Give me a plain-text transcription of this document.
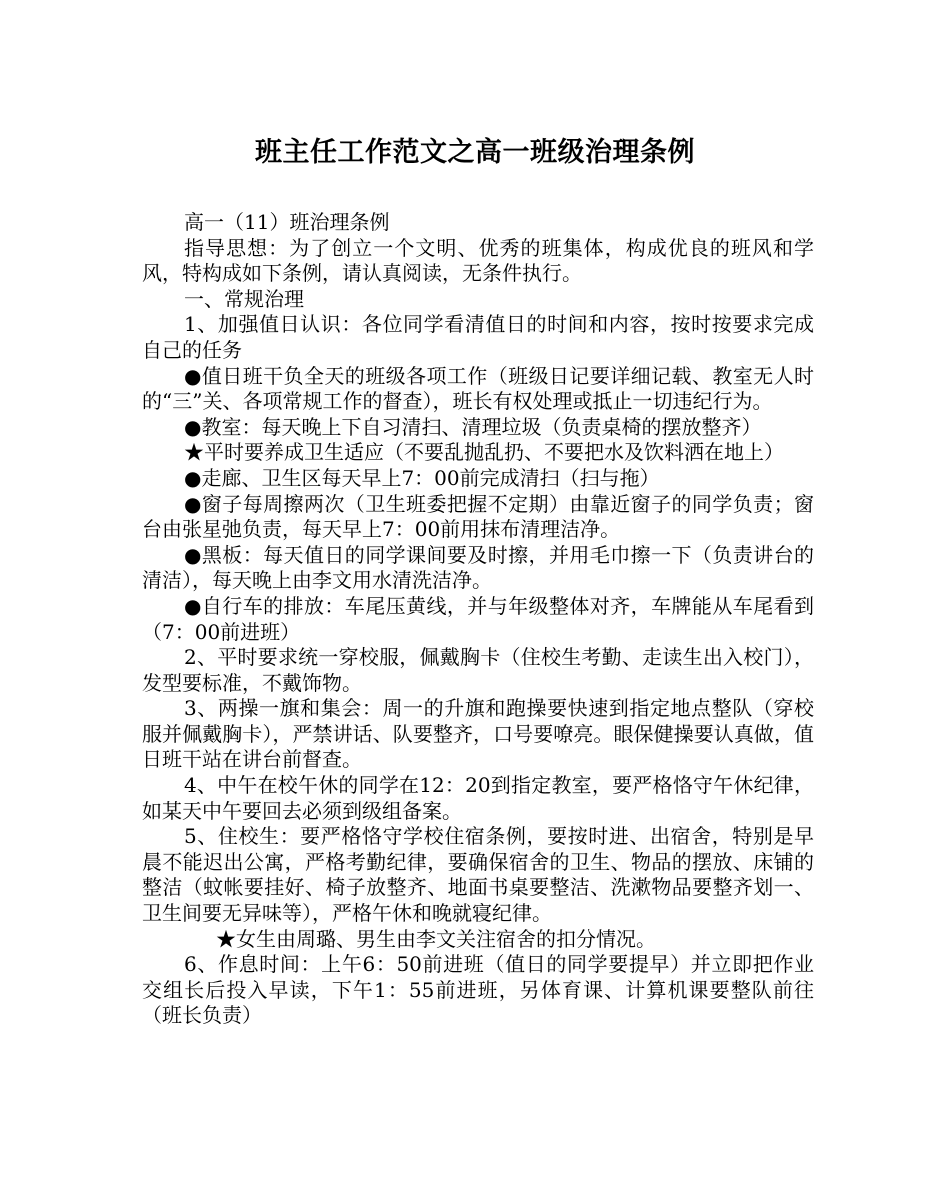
班主任工作范文之高一班级治理条例

高一（11）班治理条例

指导思想：为了创立一个文明、优秀的班集体，构成优良的班风和学风，特构成如下条例，请认真阅读，无条件执行。

一、常规治理

1、加强值日认识：各位同学看清值日的时间和内容，按时按要求完成自己的任务

●值日班干负全天的班级各项工作（班级日记要详细记载、教室无人时的“三”关、各项常规工作的督查），班长有权处理或抵止一切违纪行为。

●教室：每天晚上下自习清扫、清理垃圾（负责桌椅的摆放整齐）

★平时要养成卫生适应（不要乱抛乱扔、不要把水及饮料洒在地上）

●走廊、卫生区每天早上7：00前完成清扫（扫与拖）

●窗子每周擦两次（卫生班委把握不定期）由靠近窗子的同学负责；窗台由张星弛负责，每天早上7：00前用抹布清理洁净。

●黑板：每天值日的同学课间要及时擦，并用毛巾擦一下（负责讲台的清洁），每天晚上由李文用水清洗洁净。

●自行车的排放：车尾压黄线，并与年级整体对齐，车牌能从车尾看到（7：00前进班）

2、平时要求统一穿校服，佩戴胸卡（住校生考勤、走读生出入校门），发型要标准，不戴饰物。

3、两操一旗和集会：周一的升旗和跑操要快速到指定地点整队（穿校服并佩戴胸卡），严禁讲话、队要整齐，口号要嘹亮。眼保健操要认真做，值日班干站在讲台前督查。

4、中午在校午休的同学在12：20到指定教室，要严格恪守午休纪律，如某天中午要回去必须到级组备案。

5、住校生：要严格恪守学校住宿条例，要按时进、出宿舍，特别是早晨不能迟出公寓，严格考勤纪律，要确保宿舍的卫生、物品的摆放、床铺的整洁（蚊帐要挂好、椅子放整齐、地面书桌要整洁、洗漱物品要整齐划一、卫生间要无异味等），严格午休和晚就寝纪律。

★女生由周璐、男生由李文关注宿舍的扣分情况。

6、作息时间：上午6：50前进班（值日的同学要提早）并立即把作业交组长后投入早读，下午1：55前进班，另体育课、计算机课要整队前往（班长负责）
